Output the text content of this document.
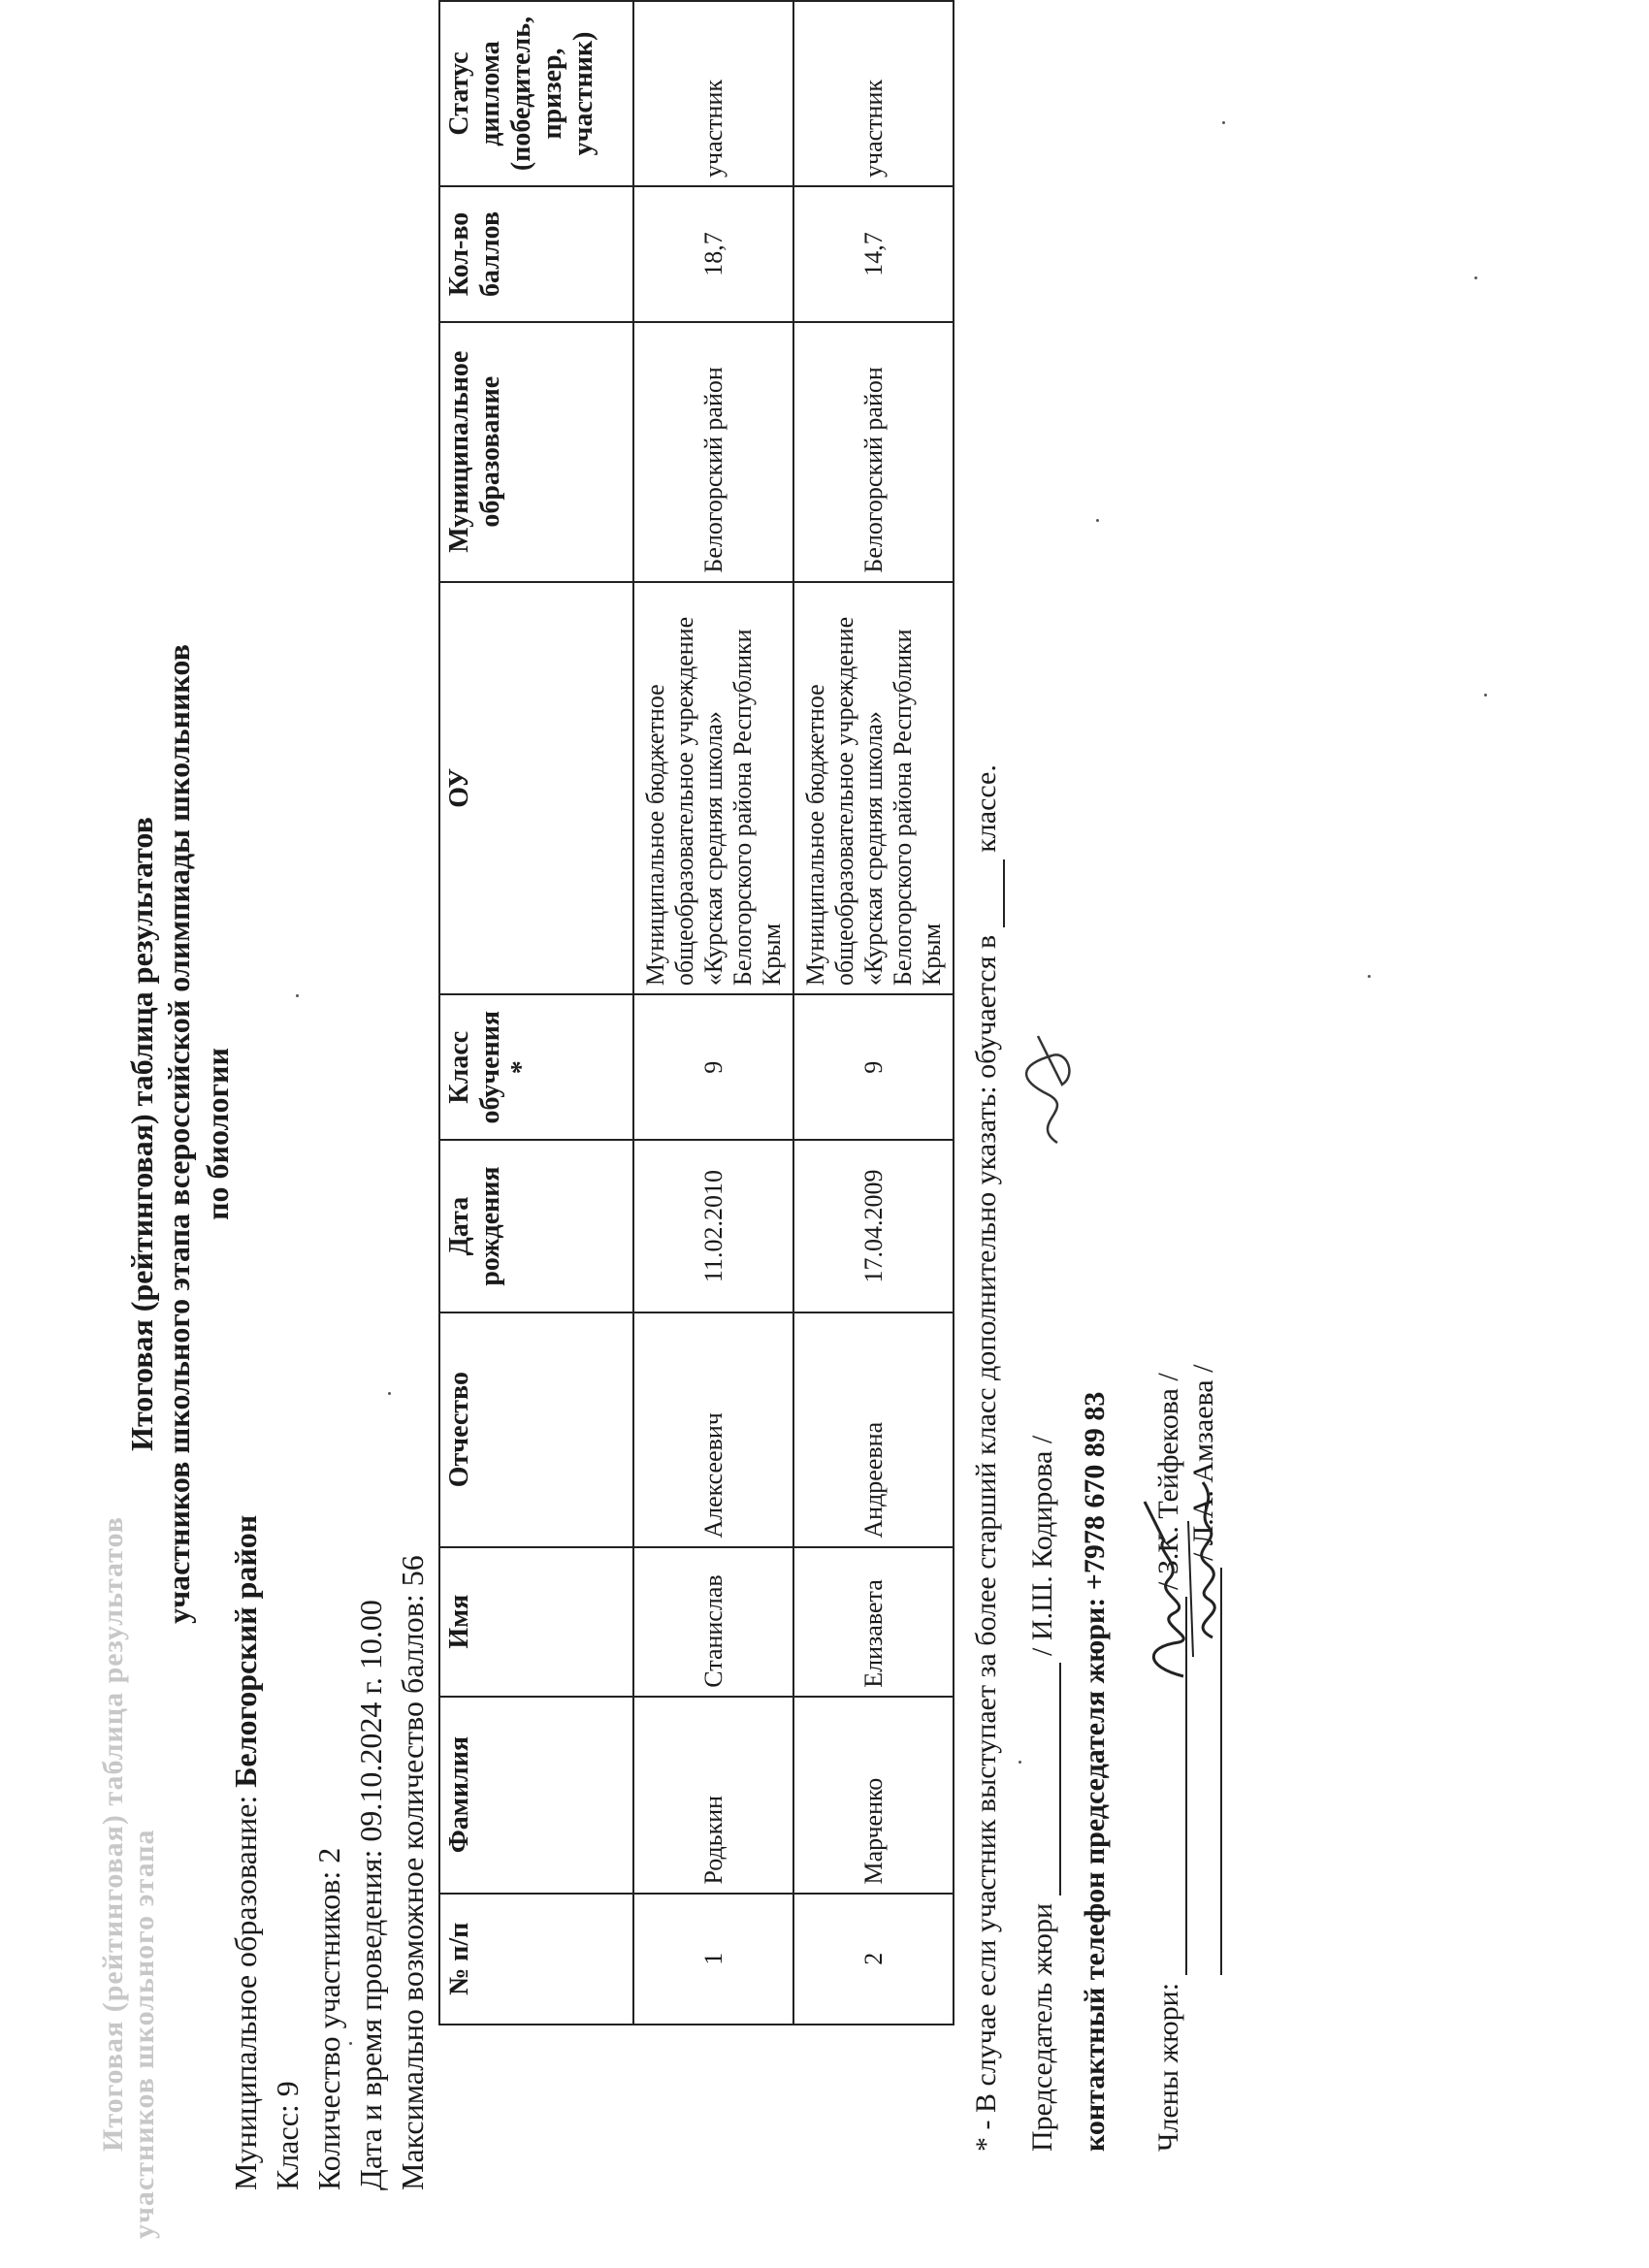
Итоговая (рейтинговая) таблица результатов участников школьного этапа
Итоговая (рейтинговая) таблица результатов участников школьного этапа всероссийской олимпиады школьников по биологии
Муниципальное образование: Белогорский район
Класс: 9 Количество участников: 2 Дата и время проведения: 09.10.2024 г. 10.00 Максимально возможное количество баллов: 56
№ п/п	Фамилия	Имя	Отчество	Дата рождения	Класс обучения *	ОУ	Муниципальное образование	Кол-во баллов	Статус диплома (победитель, призер, участник)
1	Родькин	Станислав	Алексеевич	11.02.2010	9	Муниципальное бюджетное общеобразовательное учреждение «Курская средняя школа» Белогорского района Республики Крым	Белогорский район	18,7	участник
2	Марченко	Елизавета	Андреевна	17.04.2009	9	Муниципальное бюджетное общеобразовательное учреждение «Курская средняя школа» Белогорского района Республики Крым	Белогорский район	14,7	участник
* - В случае если участник выступает за более старший класс дополнительно указать: обучается в  классе.
Председатель жюри  / И.Ш. Кодирова /
контактный телефон председателя жюри: +7978 670 89 83
Члены жюри:  / З.К. Тейфекова / / Л.А. Амзаева /
